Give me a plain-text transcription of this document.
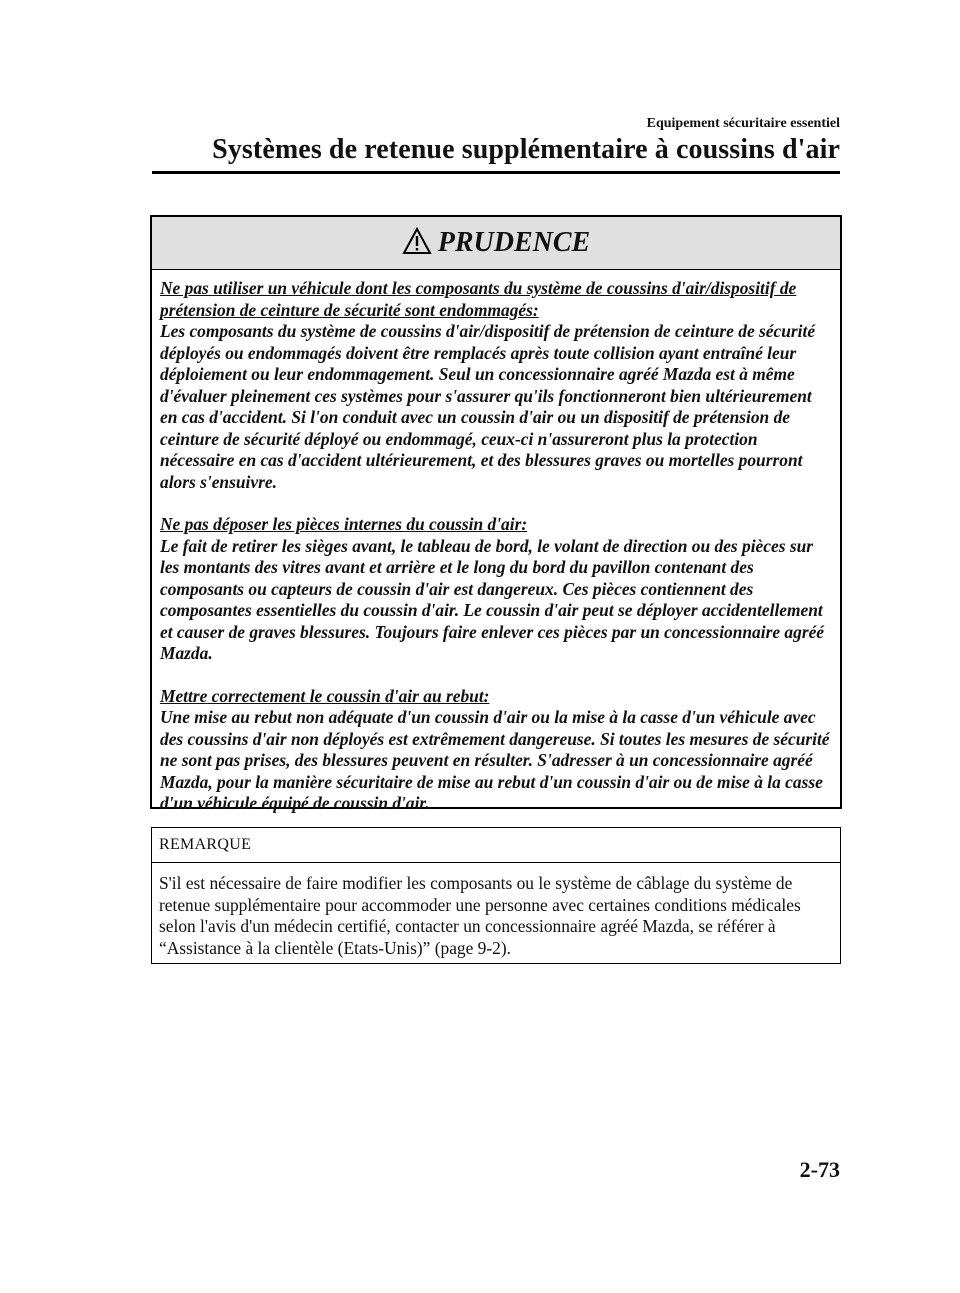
Equipement sécuritaire essentiel
Systèmes de retenue supplémentaire à coussins d'air
PRUDENCE

Ne pas utiliser un véhicule dont les composants du système de coussins d'air/dispositif de prétension de ceinture de sécurité sont endommagés:

Les composants du système de coussins d'air/dispositif de prétension de ceinture de sécurité déployés ou endommagés doivent être remplacés après toute collision ayant entraîné leur déploiement ou leur endommagement. Seul un concessionnaire agréé Mazda est à même d'évaluer pleinement ces systèmes pour s'assurer qu'ils fonctionneront bien ultérieurement en cas d'accident. Si l'on conduit avec un coussin d'air ou un dispositif de prétension de ceinture de sécurité déployé ou endommagé, ceux-ci n'assureront plus la protection nécessaire en cas d'accident ultérieurement, et des blessures graves ou mortelles pourront alors s'ensuivre.

Ne pas déposer les pièces internes du coussin d'air:

Le fait de retirer les sièges avant, le tableau de bord, le volant de direction ou des pièces sur les montants des vitres avant et arrière et le long du bord du pavillon contenant des composants ou capteurs de coussin d'air est dangereux. Ces pièces contiennent des composantes essentielles du coussin d'air. Le coussin d'air peut se déployer accidentellement et causer de graves blessures. Toujours faire enlever ces pièces par un concessionnaire agréé Mazda.

Mettre correctement le coussin d'air au rebut:

Une mise au rebut non adéquate d'un coussin d'air ou la mise à la casse d'un véhicule avec des coussins d'air non déployés est extrêmement dangereuse. Si toutes les mesures de sécurité ne sont pas prises, des blessures peuvent en résulter. S'adresser à un concessionnaire agréé Mazda, pour la manière sécuritaire de mise au rebut d'un coussin d'air ou de mise à la casse d'un véhicule équipé de coussin d'air.

REMARQUE

S'il est nécessaire de faire modifier les composants ou le système de câblage du système de retenue supplémentaire pour accommoder une personne avec certaines conditions médicales selon l'avis d'un médecin certifié, contacter un concessionnaire agréé Mazda, se référer à “Assistance à la clientèle (Etats-Unis)” (page 9-2).

2-73
